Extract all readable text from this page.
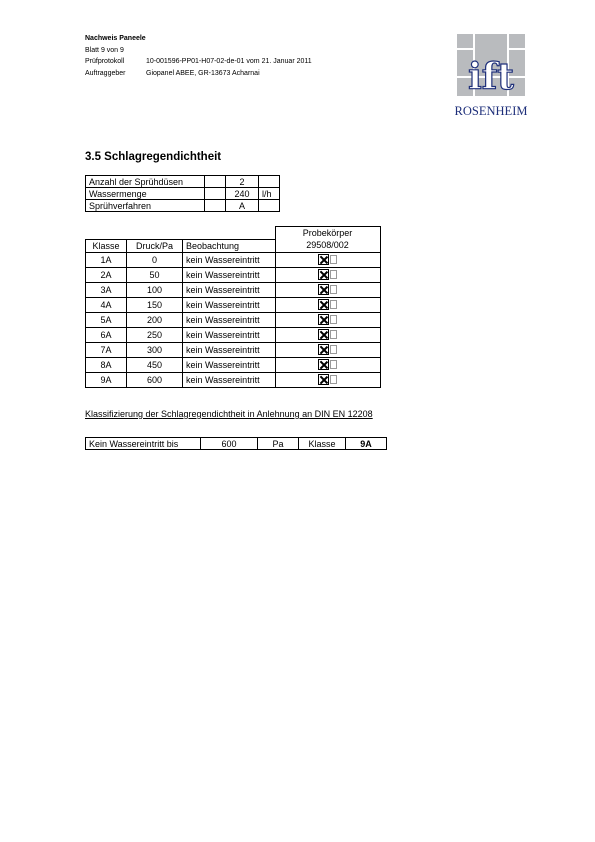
Nachweis Paneele
Blatt 9 von 9
Prüfprotokoll	10-001596-PP01-H07-02-de-01 vom 21. Januar 2011
Auftraggeber	Giopanel ABEE, GR-13673 Acharnai	ift
ROSENHEIM
3.5 Schlagregendichtheit
Anzahl der Sprühdüsen		2	
Wassermenge		240	l/h
Sprühverfahren		A	
			Probekörper
Klasse	Druck/Pa	Beobachtung	29508/002
1A	0	kein Wassereintritt	
2A	50	kein Wassereintritt	
3A	100	kein Wassereintritt	
4A	150	kein Wassereintritt	
5A	200	kein Wassereintritt	
6A	250	kein Wassereintritt	
7A	300	kein Wassereintritt	
8A	450	kein Wassereintritt	
9A	600	kein Wassereintritt	
Klassifizierung der Schlagregendichtheit in Anlehnung an DIN EN 12208
Kein Wassereintritt bis	600	Pa	Klasse	9A
